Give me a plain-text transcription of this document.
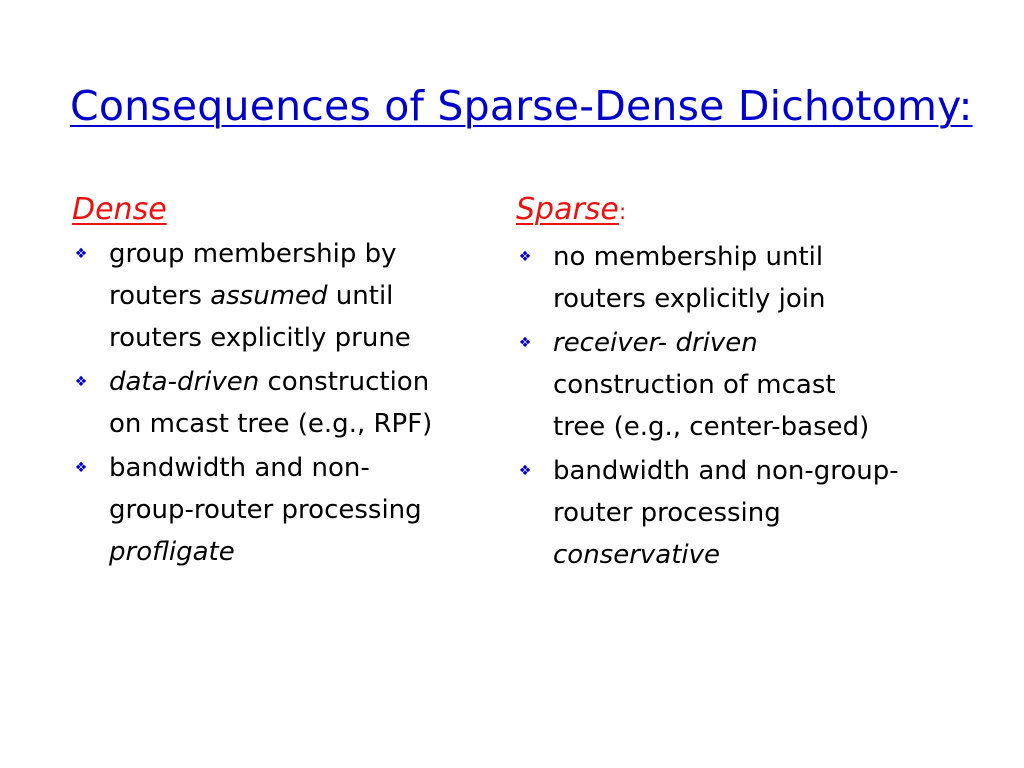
Consequences of Sparse-Dense Dichotomy:
Dense
❖ group membership by
routers assumed until
routers explicitly prune
❖ data-driven construction
on mcast tree (e.g., RPF)
❖ bandwidth and non-
group-router processing
profligate
Sparse:
❖ no membership until
routers explicitly join
❖ receiver- driven
construction of mcast
tree (e.g., center-based)
❖ bandwidth and non-group-
router processing
conservative
